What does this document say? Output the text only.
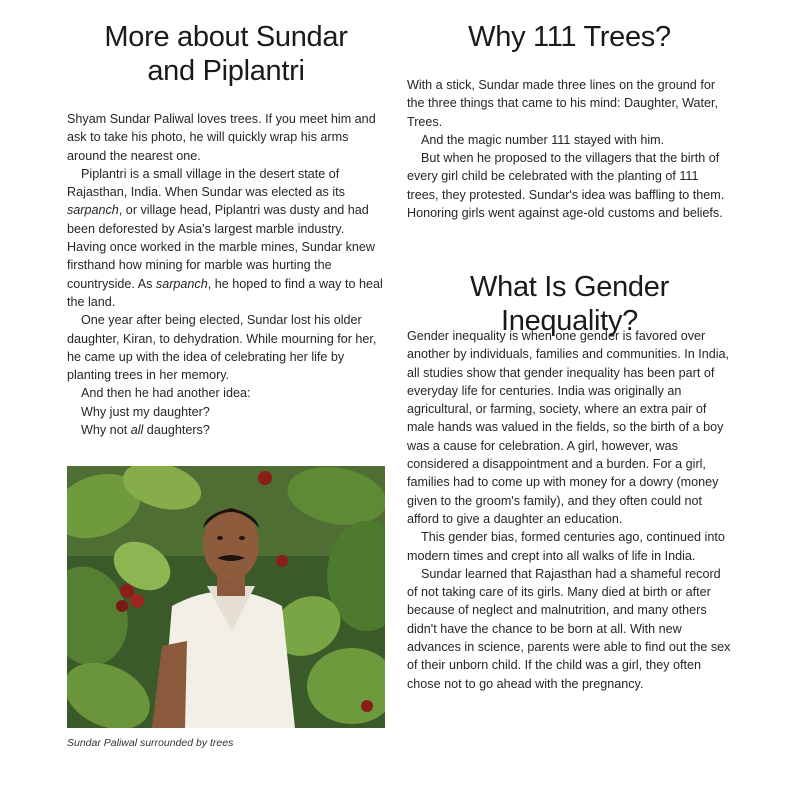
More about Sundar
and Piplantri

Shyam Sundar Paliwal loves trees. If you meet him and ask to take his photo, he will quickly wrap his arms around the nearest one.

Piplantri is a small village in the desert state of Rajasthan, India. When Sundar was elected as its sarpanch, or village head, Piplantri was dusty and had been deforested by Asia's largest marble industry. Having once worked in the marble mines, Sundar knew firsthand how mining for marble was hurting the countryside. As sarpanch, he hoped to find a way to heal the land.

One year after being elected, Sundar lost his older daughter, Kiran, to dehydration. While mourning for her, he came up with the idea of celebrating her life by planting trees in her memory.

And then he had another idea:

Why just my daughter?

Why not all daughters?

Sundar Paliwal surrounded by trees
Why 111 Trees?

With a stick, Sundar made three lines on the ground for the three things that came to his mind: Daughter, Water, Trees.

And the magic number 111 stayed with him.

But when he proposed to the villagers that the birth of every girl child be celebrated with the planting of 111 trees, they protested. Sundar's idea was baffling to them. Honoring girls went against age-old customs and beliefs.

What Is Gender Inequality?

Gender inequality is when one gender is favored over another by individuals, families and communities. In India, all studies show that gender inequality has been part of everyday life for centuries. India was originally an agricultural, or farming, society, where an extra pair of male hands was valued in the fields, so the birth of a boy was a cause for celebration. A girl, however, was considered a disappointment and a burden. For a girl, families had to come up with money for a dowry (money given to the groom's family), and they often could not afford to give a daughter an education.

This gender bias, formed centuries ago, continued into modern times and crept into all walks of life in India.

Sundar learned that Rajasthan had a shameful record of not taking care of its girls. Many died at birth or after because of neglect and malnutrition, and many others didn't have the chance to be born at all. With new advances in science, parents were able to find out the sex of their unborn child. If the child was a girl, they often chose not to go ahead with the pregnancy.
